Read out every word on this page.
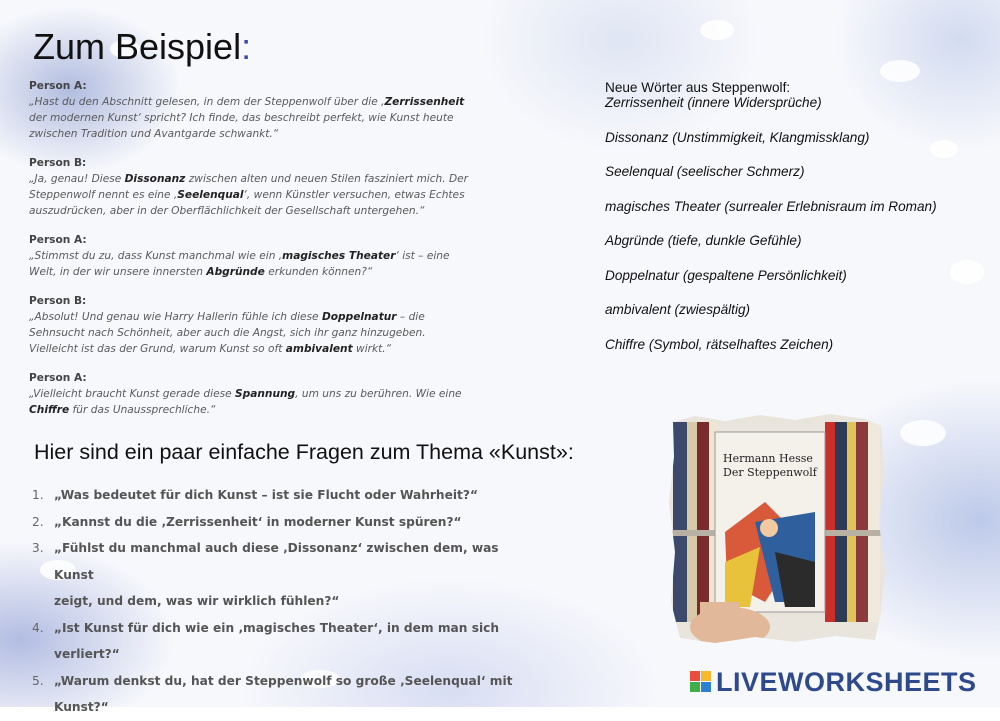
Zum Beispiel:
Person A:
„Hast du den Abschnitt gelesen, in dem der Steppenwolf über die ‚Zerrissenheit der modernen Kunst‘ spricht? Ich finde, das beschreibt perfekt, wie Kunst heute zwischen Tradition und Avantgarde schwankt.“
Person B:
„Ja, genau! Diese Dissonanz zwischen alten und neuen Stilen fasziniert mich. Der Steppenwolf nennt es eine ‚Seelenqual‘, wenn Künstler versuchen, etwas Echtes auszudrücken, aber in der Oberflächlichkeit der Gesellschaft untergehen.“
Person A:
„Stimmst du zu, dass Kunst manchmal wie ein ‚magisches Theater‘ ist – eine Welt, in der wir unsere innersten Abgründe erkunden können?“
Person B:
„Absolut! Und genau wie Harry Hallerin fühle ich diese Doppelnatur – die Sehnsucht nach Schönheit, aber auch die Angst, sich ihr ganz hinzugeben. Vielleicht ist das der Grund, warum Kunst so oft ambivalent wirkt.“
Person A:
„Vielleicht braucht Kunst gerade diese Spannung, um uns zu berühren. Wie eine Chiffre für das Unaussprechliche.“
Neue Wörter aus Steppenwolf:
Zerrissenheit (innere Widersprüche)
Dissonanz (Unstimmigkeit, Klangmissklang)
Seelenqual (seelischer Schmerz)
magisches Theater (surrealer Erlebnisraum im Roman)
Abgründe (tiefe, dunkle Gefühle)
Doppelnatur (gespaltene Persönlichkeit)
ambivalent (zwiespältig)
Chiffre (Symbol, rätselhaftes Zeichen)
Hier sind ein paar einfache Fragen zum Thema «Kunst»:
1. „Was bedeutet für dich Kunst – ist sie Flucht oder Wahrheit?“
2. „Kannst du die ‚Zerrissenheit‘ in moderner Kunst spüren?“
3. „Fühlst du manchmal auch diese ‚Dissonanz‘ zwischen dem, was Kunst
zeigt, und dem, was wir wirklich fühlen?“
4. „Ist Kunst für dich wie ein ‚magisches Theater‘, in dem man sich verliert?“
5. „Warum denkst du, hat der Steppenwolf so große ‚Seelenqual‘ mit
Kunst?“
Hermann Hesse
Der Steppenwolf
LIVEWORKSHEETS
